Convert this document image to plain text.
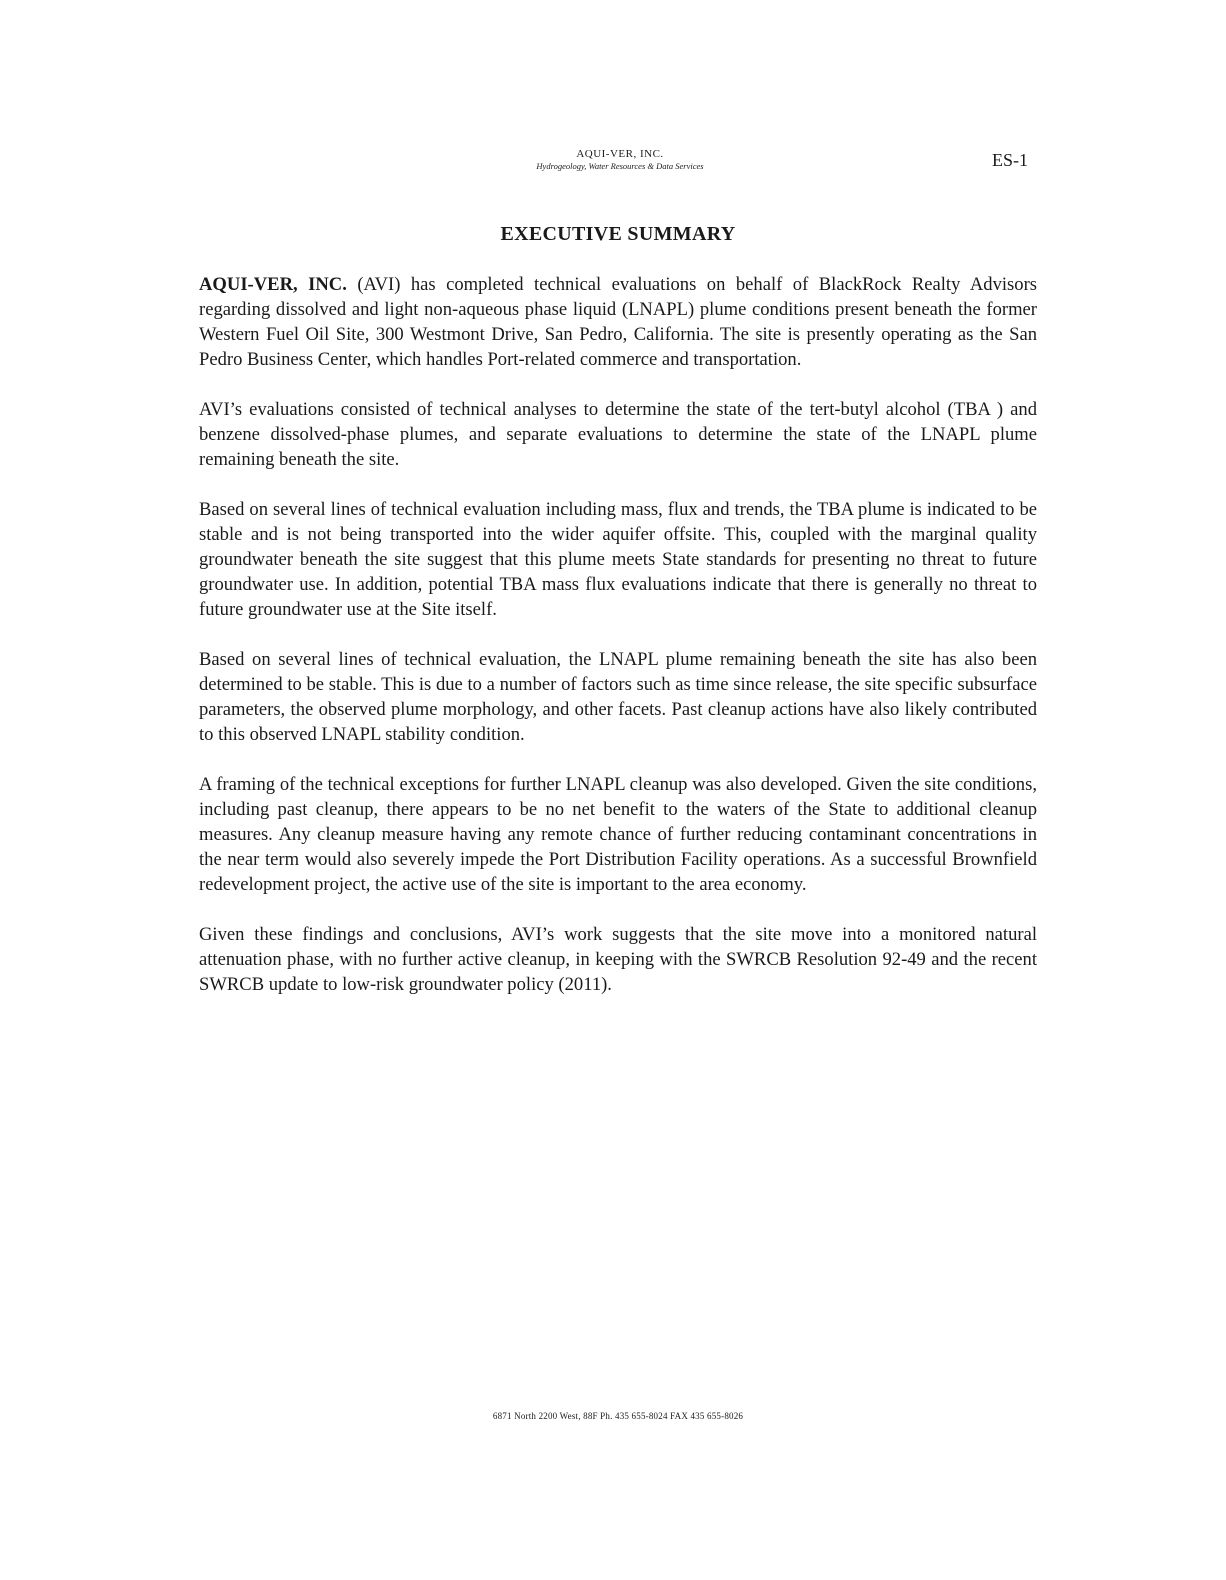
AQUI-VER, INC.
Hydrogeology, Water Resources & Data Services	ES-1
EXECUTIVE SUMMARY

AQUI-VER, INC. (AVI) has completed technical evaluations on behalf of BlackRock Realty Advisors regarding dissolved and light non-aqueous phase liquid (LNAPL) plume conditions present beneath the former Western Fuel Oil Site, 300 Westmont Drive, San Pedro, California. The site is presently operating as the San Pedro Business Center, which handles Port-related commerce and transportation.

AVI’s evaluations consisted of technical analyses to determine the state of the tert-butyl alcohol (TBA ) and benzene dissolved-phase plumes, and separate evaluations to determine the state of the LNAPL plume remaining beneath the site.

Based on several lines of technical evaluation including mass, flux and trends, the TBA plume is indicated to be stable and is not being transported into the wider aquifer offsite. This, coupled with the marginal quality groundwater beneath the site suggest that this plume meets State standards for presenting no threat to future groundwater use. In addition, potential TBA mass flux evaluations indicate that there is generally no threat to future groundwater use at the Site itself.

Based on several lines of technical evaluation, the LNAPL plume remaining beneath the site has also been determined to be stable. This is due to a number of factors such as time since release, the site specific subsurface parameters, the observed plume morphology, and other facets. Past cleanup actions have also likely contributed to this observed LNAPL stability condition.

A framing of the technical exceptions for further LNAPL cleanup was also developed. Given the site conditions, including past cleanup, there appears to be no net benefit to the waters of the State to additional cleanup measures. Any cleanup measure having any remote chance of further reducing contaminant concentrations in the near term would also severely impede the Port Distribution Facility operations. As a successful Brownfield redevelopment project, the active use of the site is important to the area economy.

Given these findings and conclusions, AVI’s work suggests that the site move into a monitored natural attenuation phase, with no further active cleanup, in keeping with the SWRCB Resolution 92-49 and the recent SWRCB update to low-risk groundwater policy (2011).

6871 North 2200 West, 88F Ph. 435 655-8024 FAX 435 655-8026
